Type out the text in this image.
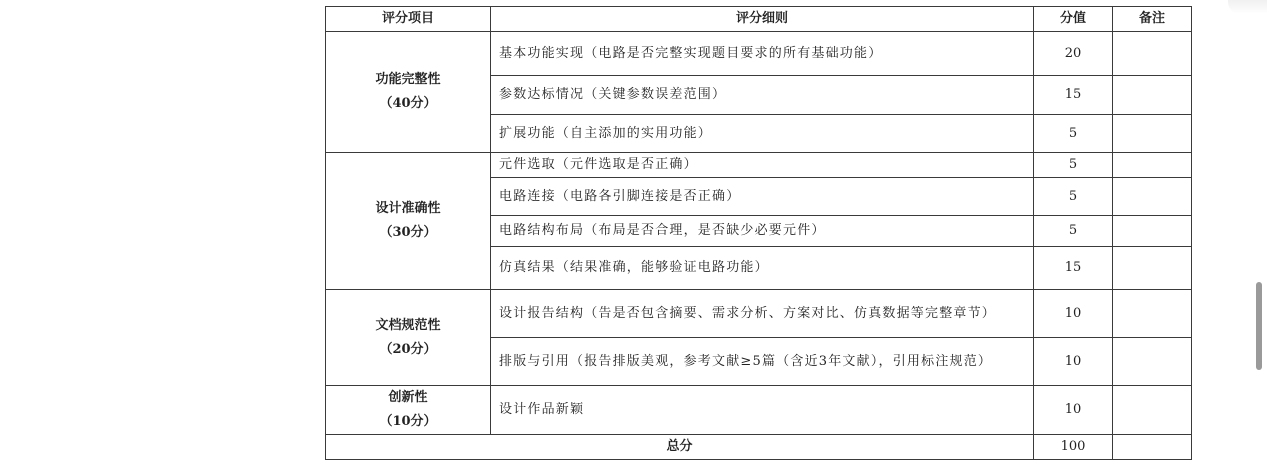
评分项目	评分细则	分值	备注

功能完整性
（40分）	基本功能实现（电路是否完整实现题目要求的所有基础功能）	20	
	参数达标情况（关键参数误差范围）	15	
	扩展功能（自主添加的实用功能）	5	

设计准确性
（30分）	元件选取（元件选取是否正确）	5	
	电路连接（电路各引脚连接是否正确）	5	
	电路结构布局（布局是否合理，是否缺少必要元件）	5	
	仿真结果（结果准确，能够验证电路功能）	15	

文档规范性
（20分）	设计报告结构（告是否包含摘要、需求分析、方案对比、仿真数据等完整章节）	10	
	排版与引用（报告排版美观，参考文献≥5篇（含近3年文献），引用标注规范）	10	

创新性
（10分）	设计作品新颖	10	
总分		100	
